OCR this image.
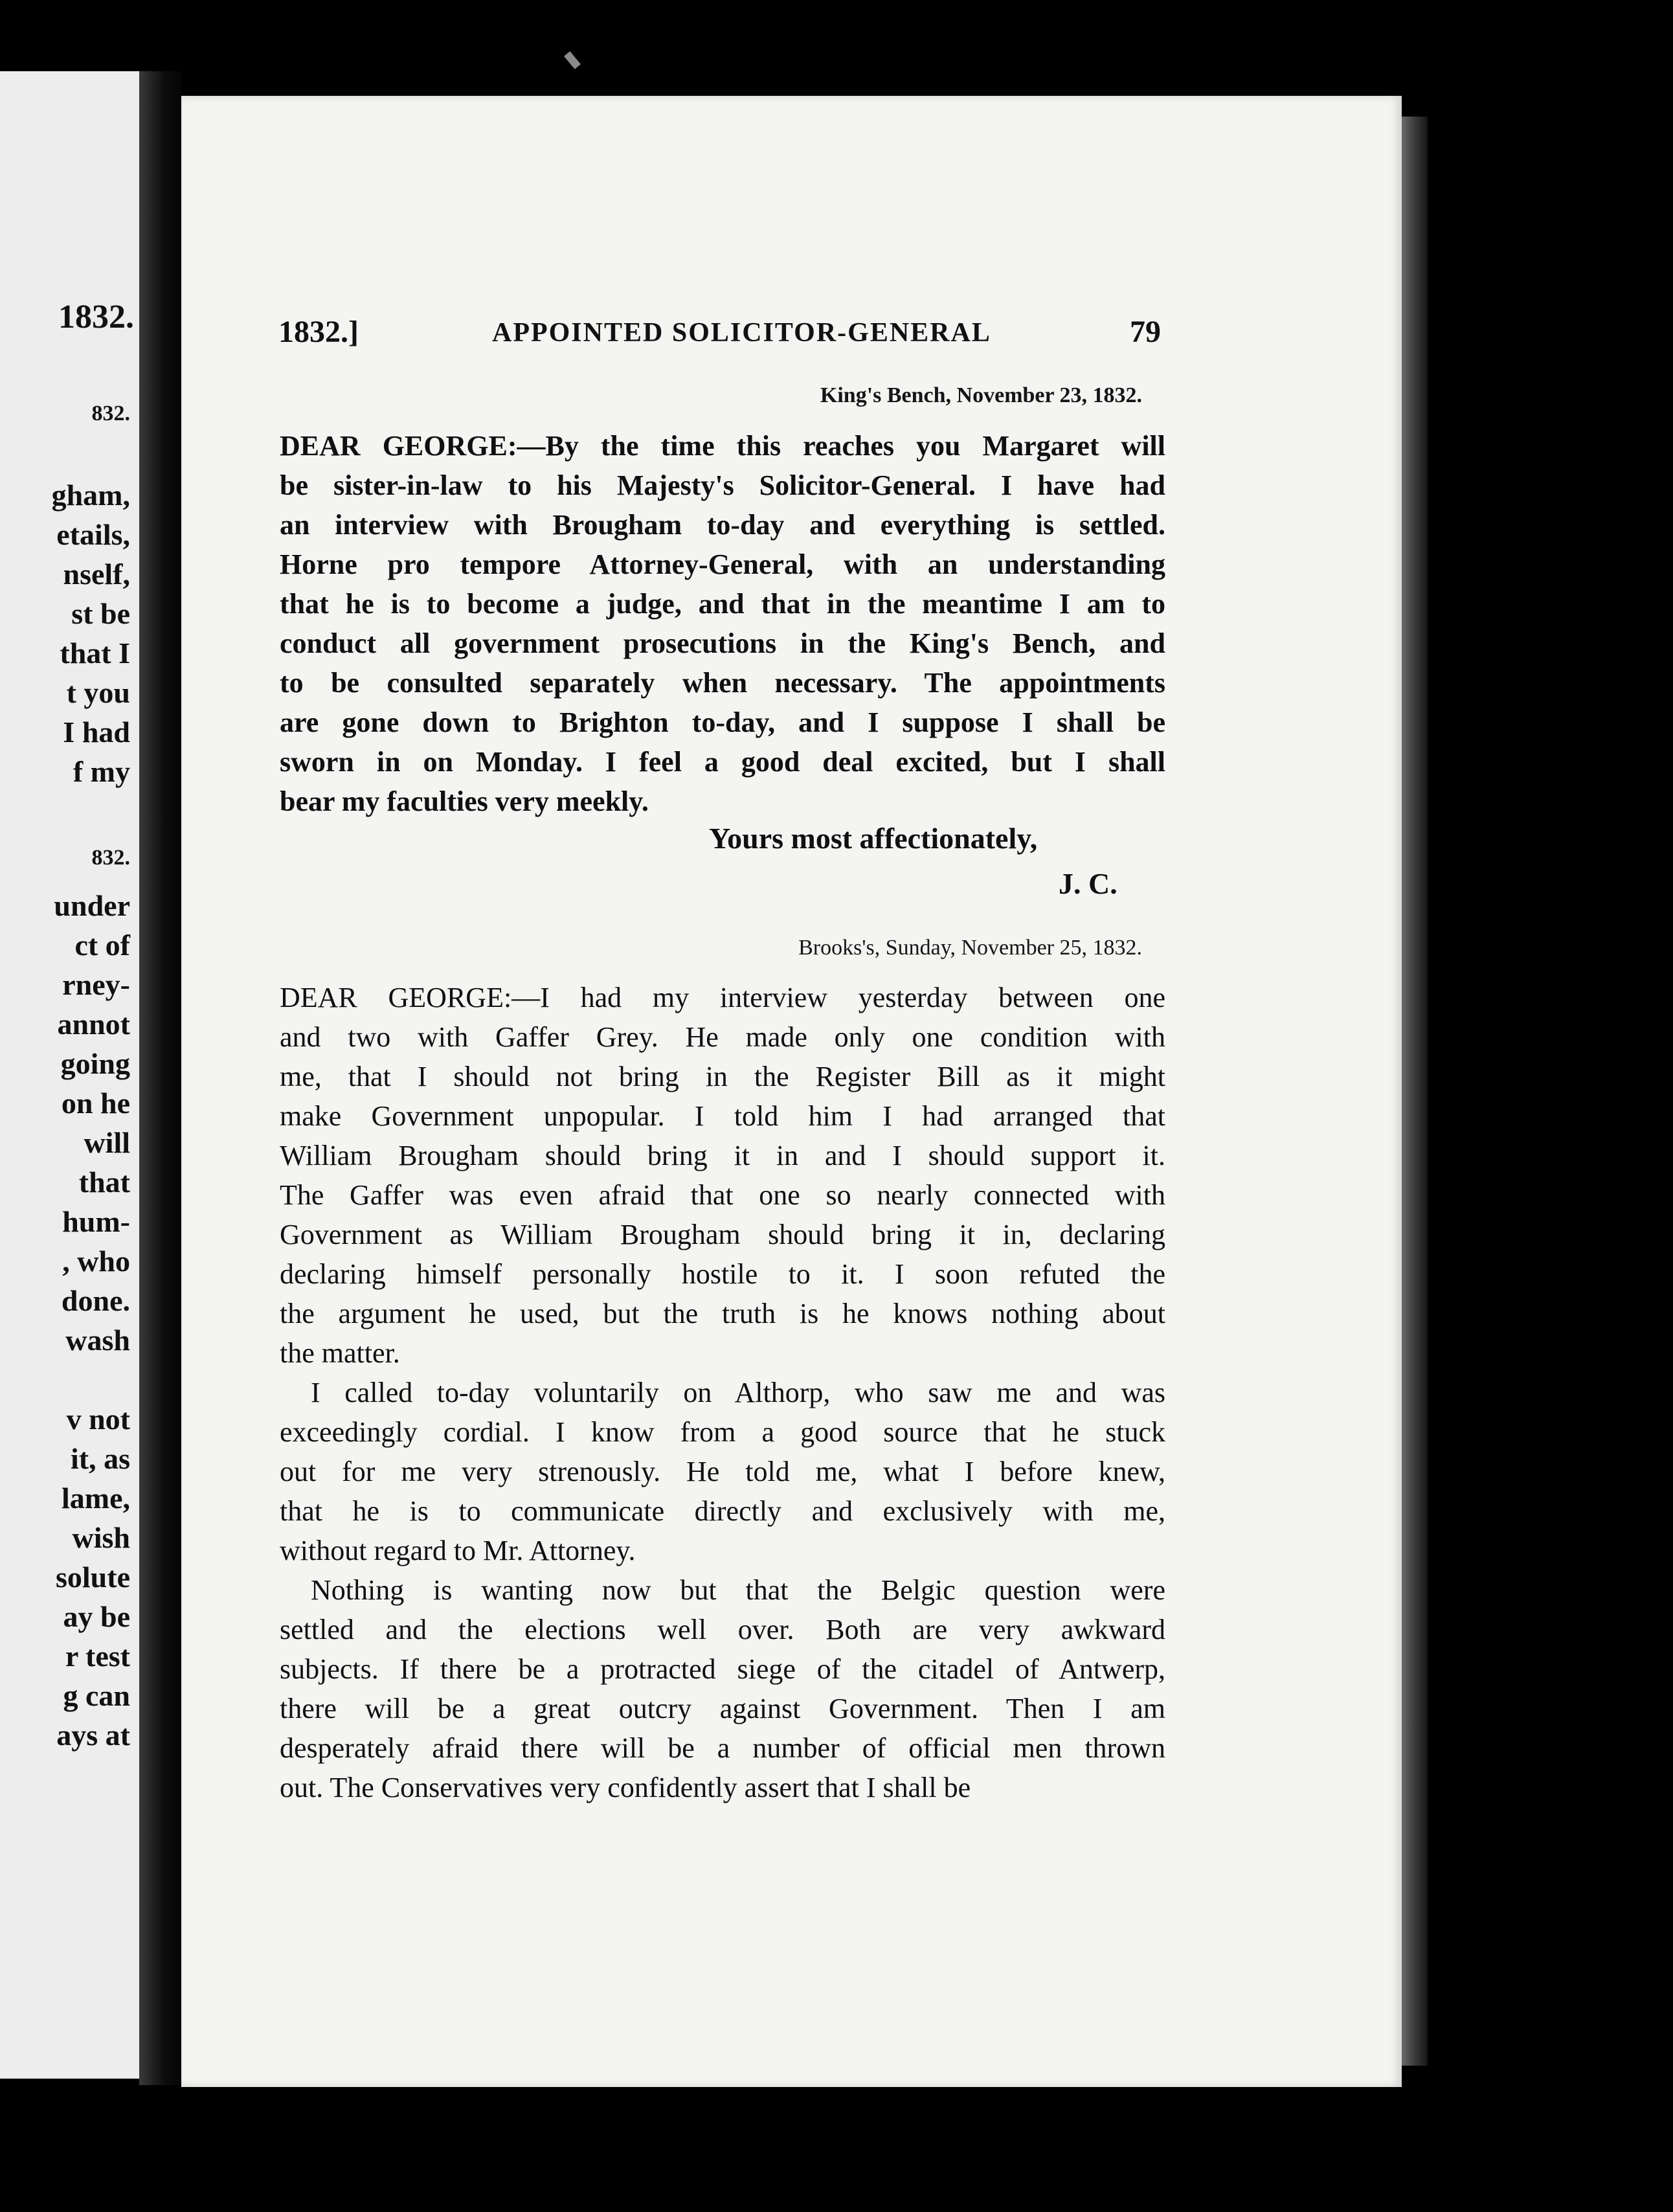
1832.
832.
gham,
etails,
nself,
st be
that I
t you
I had
f my
832.
under
ct of
rney-
annot
going
on he
will
that
hum-
, who
done.
wash
v not
it, as
lame,
wish
solute
ay be
r test
g can
ays at
1832.]	APPOINTED SOLICITOR-GENERAL	79
King's Bench, November 23, 1832.
DEAR GEORGE:—By the time this reaches you Margaret will
be sister-in-law to his Majesty's Solicitor-General. I have had
an interview with Brougham to-day and everything is settled.
Horne pro tempore Attorney-General, with an understanding
that he is to become a judge, and that in the meantime I am to
conduct all government prosecutions in the King's Bench, and
to be consulted separately when necessary. The appointments
are gone down to Brighton to-day, and I suppose I shall be
sworn in on Monday. I feel a good deal excited, but I shall
bear my faculties very meekly.
Yours most affectionately,
J. C.
Brooks's, Sunday, November 25, 1832.
DEAR GEORGE:—I had my interview yesterday between one
and two with Gaffer Grey. He made only one condition with
me, that I should not bring in the Register Bill as it might
make Government unpopular. I told him I had arranged that
William Brougham should bring it in and I should support it.
The Gaffer was even afraid that one so nearly connected with
Government as William Brougham should bring it in, declaring
declaring himself personally hostile to it. I soon refuted the
the argument he used, but the truth is he knows nothing about
the matter.
I called to-day voluntarily on Althorp, who saw me and was
exceedingly cordial. I know from a good source that he stuck
out for me very strenously. He told me, what I before knew,
that he is to communicate directly and exclusively with me,
without regard to Mr. Attorney.
Nothing is wanting now but that the Belgic question were
settled and the elections well over. Both are very awkward
subjects. If there be a protracted siege of the citadel of Antwerp,
there will be a great outcry against Government. Then I am
desperately afraid there will be a number of official men thrown
out. The Conservatives very confidently assert that I shall be
